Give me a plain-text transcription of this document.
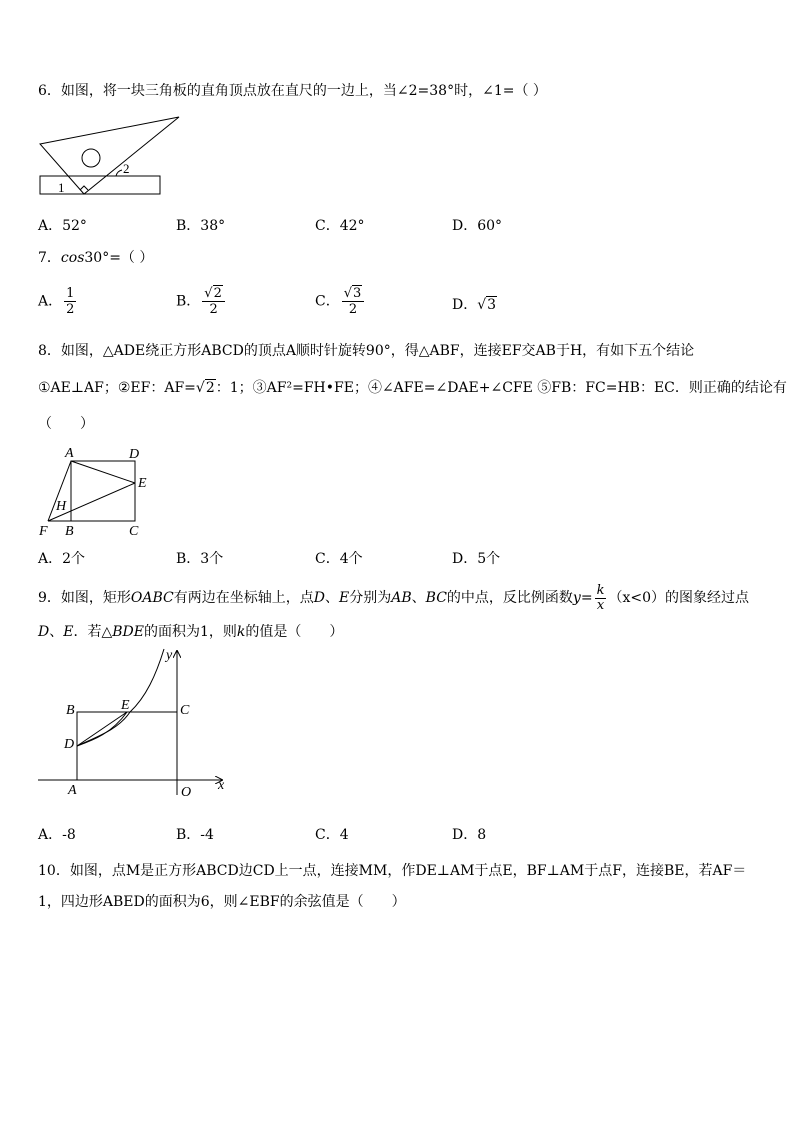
6．如图，将一块三角板的直角顶点放在直尺的一边上，当∠2=38°时，∠1=（ ）
1
2
A．52°	B．38°	C．42°	D．60°
7．cos30°=（ ）
A． $\frac{1}{2}$	B． $\frac{√2}{2}$	C． $\frac{√3}{2}$	D．√3
8．如图，△ADE绕正方形ABCD的顶点A顺时针旋转90°，得△ABF，连接EF交AB于H，有如下五个结论
①AE⊥AF；②EF：AF=√2：1；③AF²=FH•FE；④∠AFE=∠DAE+∠CFE ⑤FB：FC=HB：EC．则正确的结论有
（　　）
A	D
E
H
F B	C
A．2个	B．3个	C．4个	D．5个
9．如图，矩形OABC有两边在坐标轴上，点D、E分别为AB、BC的中点，反比例函数$y= \frac{k}{x} (x<0)$的图象经过点
D、E．若△BDE的面积为1，则k的值是（　　）
y
x
B	E	C
D
A	O
A．-8	B．-4	C．4	D．8
10．如图，点M是正方形ABCD边CD上一点，连接MM，作DE⊥AM于点E，BF⊥AM于点F，连接BE，若AF＝
1，四边形ABED的面积为6，则∠EBF的余弦值是（　　）
